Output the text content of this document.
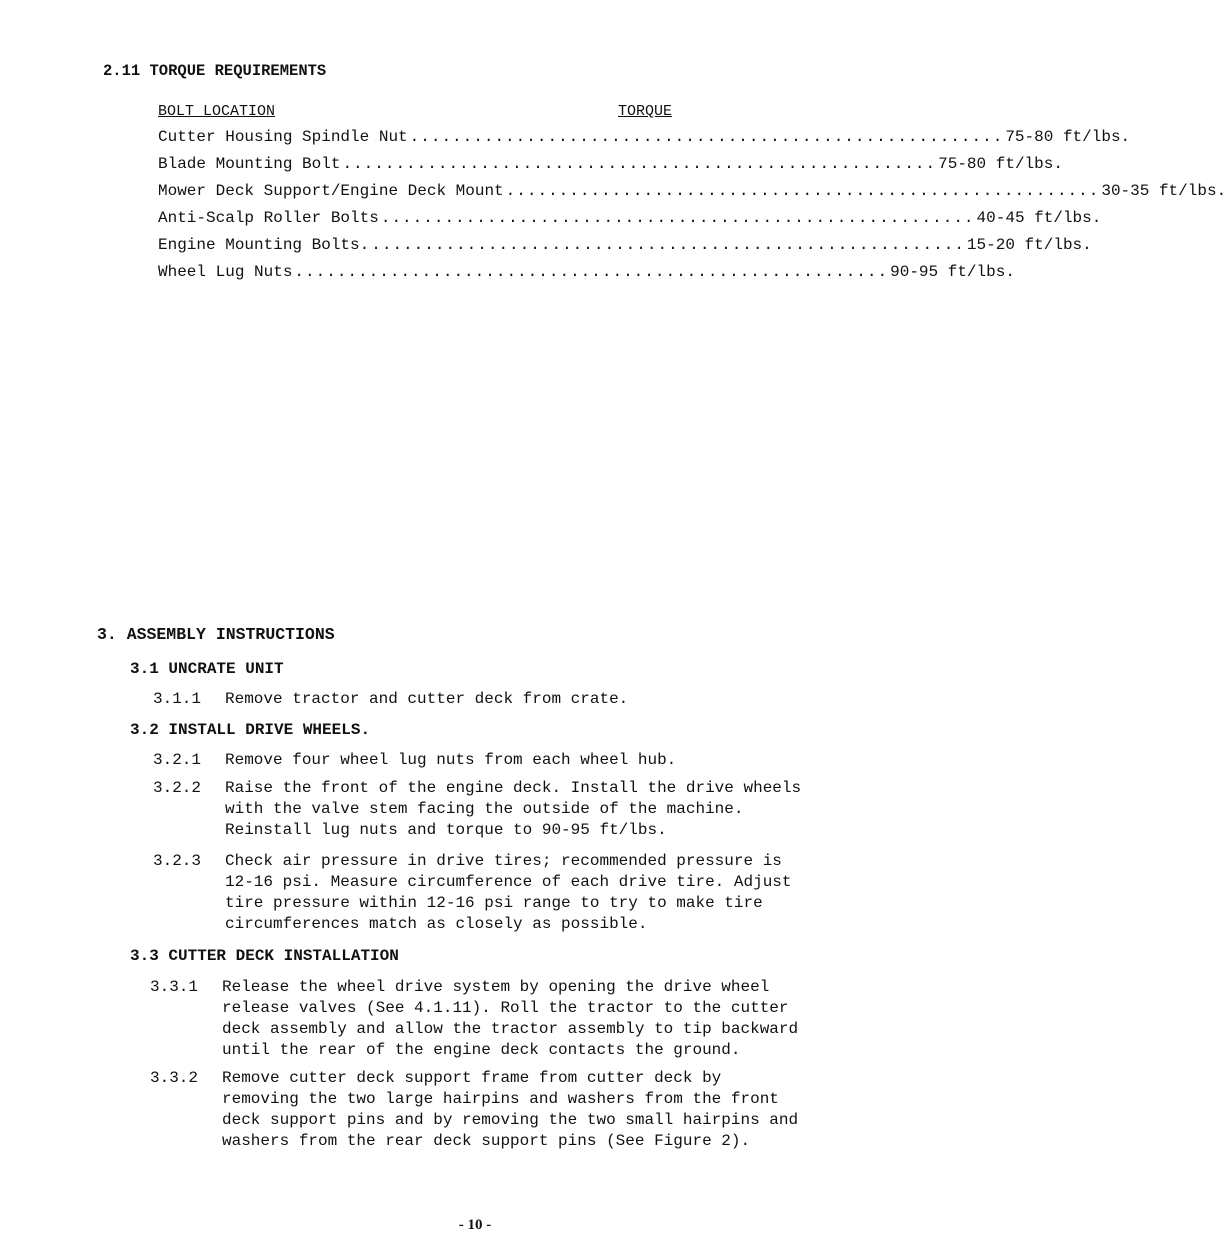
2.11 TORQUE REQUIREMENTS
BOLT LOCATION	TORQUE
Cutter Housing Spindle Nut ........................................................ 75-80 ft/lbs.
Blade Mounting Bolt ........................................................ 75-80 ft/lbs.
Mower Deck Support/Engine Deck Mount ........................................................ 30-35 ft/lbs.
Anti-Scalp Roller Bolts ........................................................ 40-45 ft/lbs.
Engine Mounting Bolts. ........................................................ 15-20 ft/lbs.
Wheel Lug Nuts ........................................................ 90-95 ft/lbs.
3. ASSEMBLY INSTRUCTIONS
3.1 UNCRATE UNIT
3.1.1 Remove tractor and cutter deck from crate.
3.2 INSTALL DRIVE WHEELS.
3.2.1 Remove four wheel lug nuts from each wheel hub.
3.2.2 Raise the front of the engine deck. Install the drive wheels
with the valve stem facing the outside of the machine.
Reinstall lug nuts and torque to 90-95 ft/lbs.
3.2.3 Check air pressure in drive tires; recommended pressure is
12-16 psi. Measure circumference of each drive tire. Adjust
tire pressure within 12-16 psi range to try to make tire
circumferences match as closely as possible.
3.3 CUTTER DECK INSTALLATION
3.3.1 Release the wheel drive system by opening the drive wheel
release valves (See 4.1.11). Roll the tractor to the cutter
deck assembly and allow the tractor assembly to tip backward
until the rear of the engine deck contacts the ground.
3.3.2 Remove cutter deck support frame from cutter deck by
removing the two large hairpins and washers from the front
deck support pins and by removing the two small hairpins and
washers from the rear deck support pins (See Figure 2).
- 10 -
